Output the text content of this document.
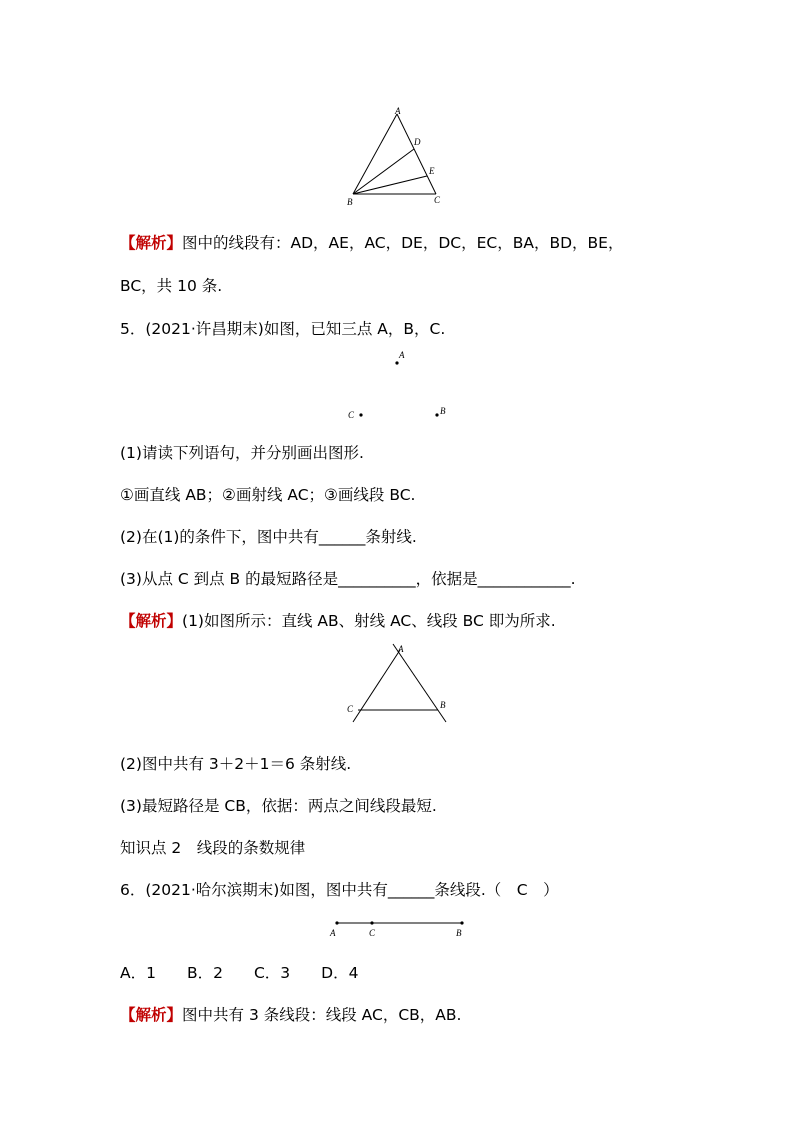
A
D
E
B	C
【解析】图中的线段有：AD，AE，AC，DE，DC，EC，BA，BD，BE，
BC，共 10 条.
5．(2021·许昌期末)如图，已知三点 A，B，C.
A
C	B
(1)请读下列语句，并分别画出图形.
①画直线 AB；②画射线 AC；③画线段 BC.
(2)在(1)的条件下，图中共有______条射线.
(3)从点 C 到点 B 的最短路径是__________，依据是____________.
【解析】(1)如图所示：直线 AB、射线 AC、线段 BC 即为所求.
A
C	B
(2)图中共有 3＋2＋1＝6 条射线.
(3)最短路径是 CB，依据：两点之间线段最短.
知识点 2　线段的条数规律
6．(2021·哈尔滨期末)如图，图中共有______条线段.（　C　）
A	C	B
A．1　　B．2　　C．3　　D．4
【解析】图中共有 3 条线段：线段 AC，CB，AB.
